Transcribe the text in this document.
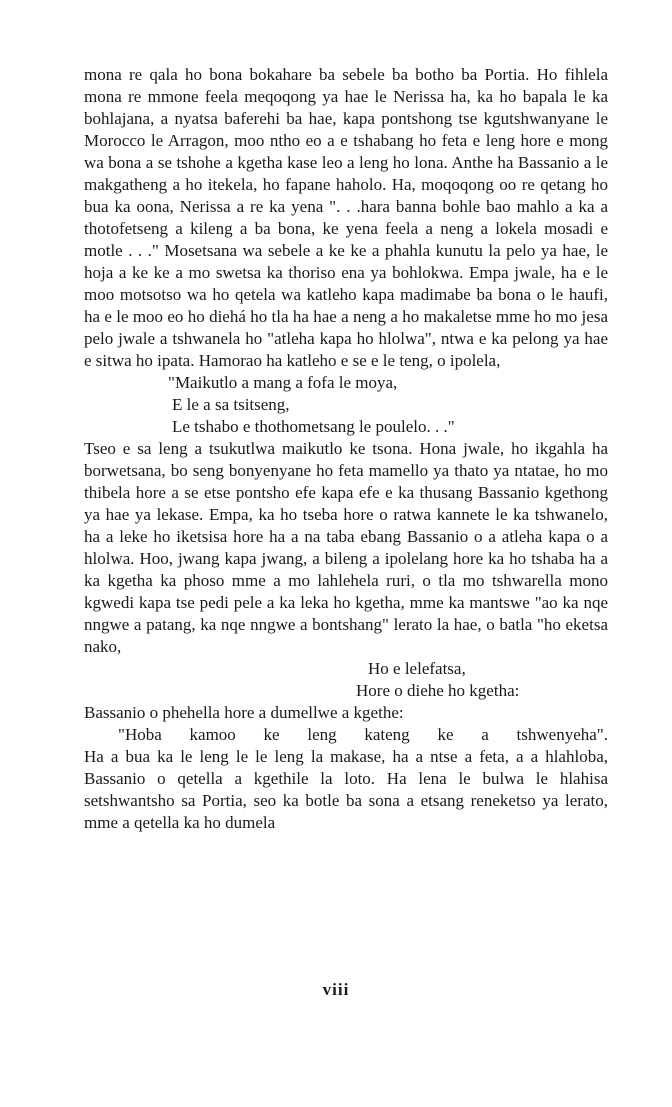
mona re qala ho bona bokahare ba sebele ba botho ba Portia. Ho fihlela mona re mmone feela meqoqong ya hae le Nerissa ha, ka ho bapala le ka bohlajana, a nyatsa baferehi ba hae, kapa pontshong tse kgutshwanyane le Morocco le Arragon, moo ntho eo a e tshabang ho feta e leng hore e mong wa bona a se tshohe a kgetha kase leo a leng ho lona. Anthe ha Bassanio a le makgatheng a ho itekela, ho fapane haholo. Ha, moqoqong oo re qetang ho bua ka oona, Nerissa a re ka yena ". . .hara banna bohle bao mahlo a ka a thotofetseng a kileng a ba bona, ke yena feela a neng a lokela mosadi e motle . . ." Mosetsana wa sebele a ke ke a phahla kunutu la pelo ya hae, le hoja a ke ke a mo swetsa ka thoriso ena ya bohlokwa. Empa jwale, ha e le moo motsotso wa ho qetela wa katleho kapa madimabe ba bona o le haufi, ha e le moo eo ho diehá ho tla ha hae a neng a ho makaletse mme ho mo jesa pelo jwale a tshwanela ho "atleha kapa ho hlolwa", ntwa e ka pelong ya hae e sitwa ho ipata. Hamorao ha katleho e se e le teng, o ipolela,

"Maikutlo a mang a fofa le moya,
E le a sa tsitseng,
Le tshabo e thothometsang le poulelo. . ."

Tseo e sa leng a tsukutlwa maikutlo ke tsona. Hona jwale, ho ikgahla ha borwetsana, bo seng bonyenyane ho feta mamello ya thato ya ntatae, ho mo thibela hore a se etse pontsho efe kapa efe e ka thusang Bassanio kgethong ya hae ya lekase. Empa, ka ho tseba hore o ratwa kannete le ka tshwanelo, ha a leke ho iketsisa hore ha a na taba ebang Bassanio o a atleha kapa o a hlolwa. Hoo, jwang kapa jwang, a bileng a ipolelang hore ka ho tshaba ha a ka kgetha ka phoso mme a mo lahlehela ruri, o tla mo tshwarella mono kgwedi kapa tse pedi pele a ka leka ho kgetha, mme ka mantswe "ao ka nqe nngwe a patang, ka nqe nngwe a bontshang" lerato la hae, o batla "ho eketsa nako,

Ho e lelefatsa,
Hore o diehe ho kgetha:

Bassanio o phehella hore a dumellwe a kgethe:

"Hoba kamoo ke leng kateng ke a tshwenyeha".

Ha a bua ka le leng le le leng la makase, ha a ntse a feta, a a hlahloba, Bassanio o qetella a kgethile la loto. Ha lena le bulwa le hlahisa setshwantsho sa Portia, seo ka botle ba sona a etsang reneketso ya lerato, mme a qetella ka ho dumela

viii
